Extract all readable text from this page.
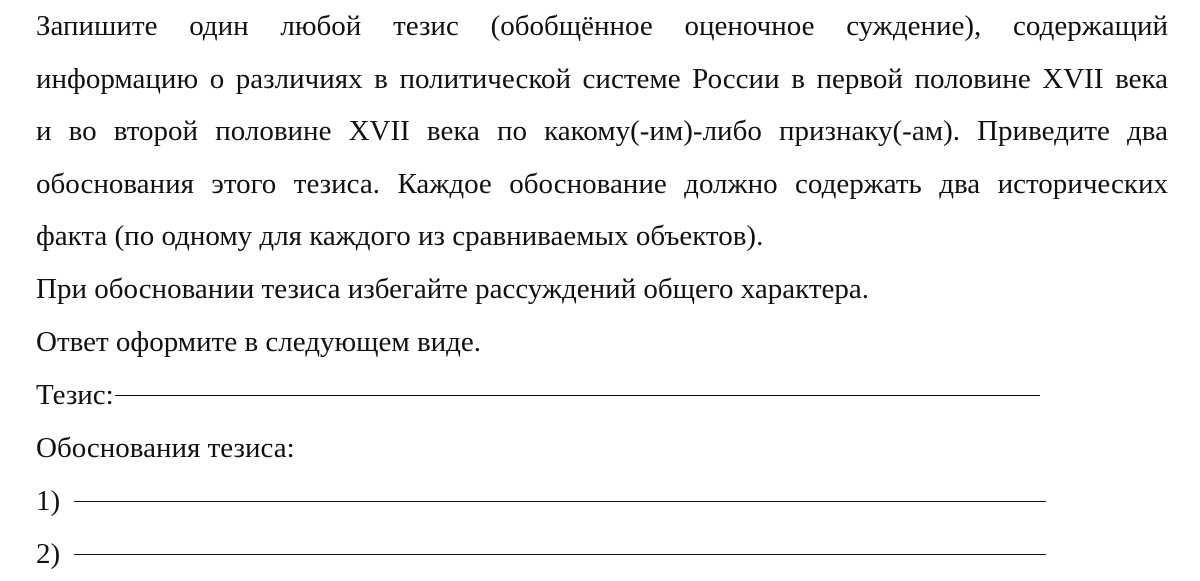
Запишите один любой тезис (обобщённое оценочное суждение), содержащий
информацию о различиях в политической системе России в первой половине XVII века
и во второй половине XVII века по какому(-им)-либо признаку(-ам). Приведите два
обоснования этого тезиса. Каждое обоснование должно содержать два исторических
факта (по одному для каждого из сравниваемых объектов).

При обосновании тезиса избегайте рассуждений общего характера.

Ответ оформите в следующем виде.

Тезис:

Обоснования тезиса:

1)
2)
